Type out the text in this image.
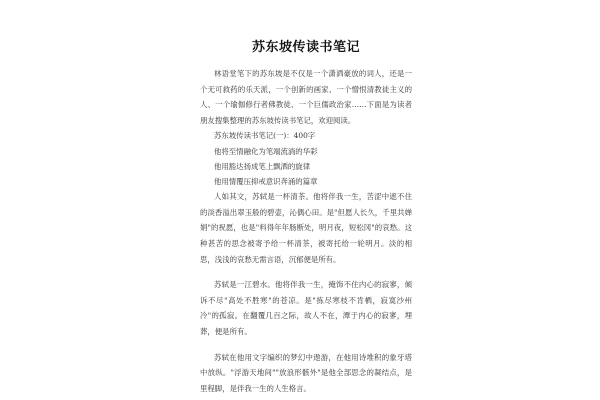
苏东坡传读书笔记

林语堂笔下的苏东坡是不仅是一个潇洒豪放的词人，还是一个无可救药的乐天派，一个创新的画家、一个憎恨清教徒主义的人、一个瑜伽修行者佛教徒、一个巨儒政治家……下面是为读者朋友搜集整理的苏东坡传读书笔记，欢迎阅读。

苏东坡传读书笔记(一)：400字

他将至情融化为笔端流淌的华彩

他用豁达扬成笔上飘洒的旋律

他用情覆压抑戒意识奔涌的篇章

人如其文，苏轼是一杯清茶。他将伴我一生，苦涩中遮不住的淡香溢出翠玉般的碧壶，沁偶心田。是"但愿人长久，千里共婵娟"的祝愿，也是"料得年年肠断处，明月夜，短松冈"的哀愁。这种甚苦的思念被寄予给一杯清茶，被寄托给一轮明月。淡的相思，浅浅的哀愁无需言语，沉郁便是所有。

苏轼是一江碧水。他将伴我一生，掩饰不住内心的寂寥，倾诉不尽"高处不胜寒"的苍凉。是"拣尽寒枝不肯栖，寂寞沙州冷"的孤寂。在翻覆几百之际，故人不在，潭于内心的寂寥，埋葬，便是所有。

苏轼在他用文字编织的梦幻中遨游，在他用诗堆积的象牙塔中放纵。"浮游天地间""放浪形骸外"是他全部思念的凝结点，是里程脚，是伴我一生的人生格言。
